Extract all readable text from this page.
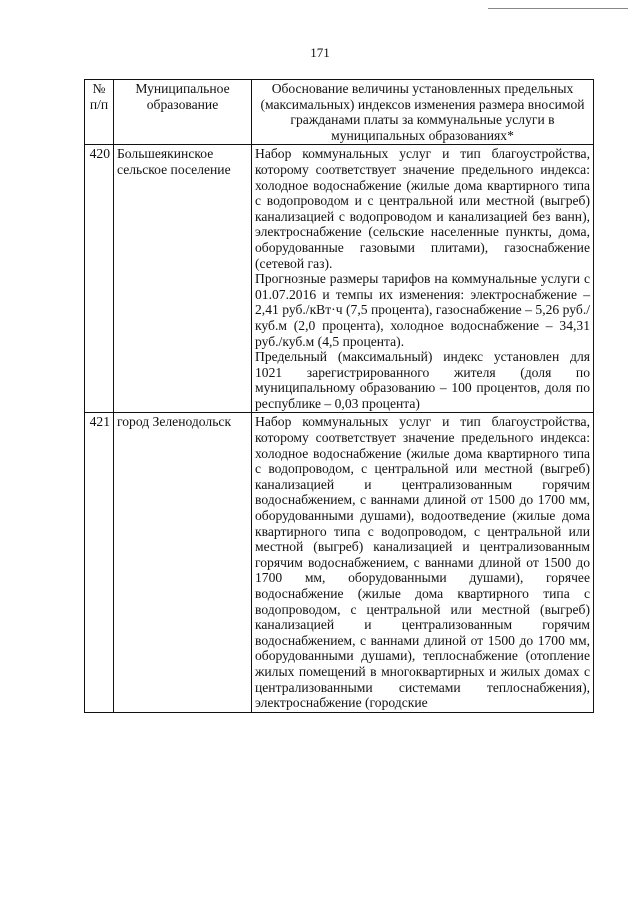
171
№ п/п	Муниципальное образование	Обоснование величины установленных предельных (максимальных) индексов изменения размера вносимой гражданами платы за коммунальные услуги в муниципальных образованиях*
420	Большеякинское сельское поселение	Набор коммунальных услуг и тип благоустройства, которому соответствует значение предельного индекса: холодное водоснабжение (жилые дома квартирного типа с водопроводом и с центральной или местной (выгреб) канализацией с водопроводом и канализацией без ванн), электроснабжение (сельские населенные пункты, дома, оборудованные газовыми плитами), газоснабжение (сетевой газ).

Прогнозные размеры тарифов на коммунальные услуги с 01.07.2016 и темпы их изменения: электроснабжение – 2,41 руб./кВт·ч (7,5 процента), газоснабжение – 5,26 руб./куб.м (2,0 процента), холодное водоснабжение – 34,31 руб./куб.м (4,5 процента).

Предельный (максимальный) индекс установлен для 1021 зарегистрированного жителя (доля по муниципальному образованию – 100 процентов, доля по республике – 0,03 процента)

421	город Зеленодольск	Набор коммунальных услуг и тип благоустройства, которому соответствует значение предельного индекса: холодное водоснабжение (жилые дома квартирного типа с водопроводом, с центральной или местной (выгреб) канализацией и централизованным горячим водоснабжением, с ваннами длиной от 1500 до 1700 мм, оборудованными душами), водоотведение (жилые дома квартирного типа с водопроводом, с центральной или местной (выгреб) канализацией и централизованным горячим водоснабжением, с ваннами длиной от 1500 до 1700 мм, оборудованными душами), горячее водоснабжение (жилые дома квартирного типа с водопроводом, с центральной или местной (выгреб) канализацией и централизованным горячим водоснабжением, с ваннами длиной от 1500 до 1700 мм, оборудованными душами), теплоснабжение (отопление жилых помещений в многоквартирных и жилых домах с централизованными системами теплоснабжения), электроснабжение (городские
